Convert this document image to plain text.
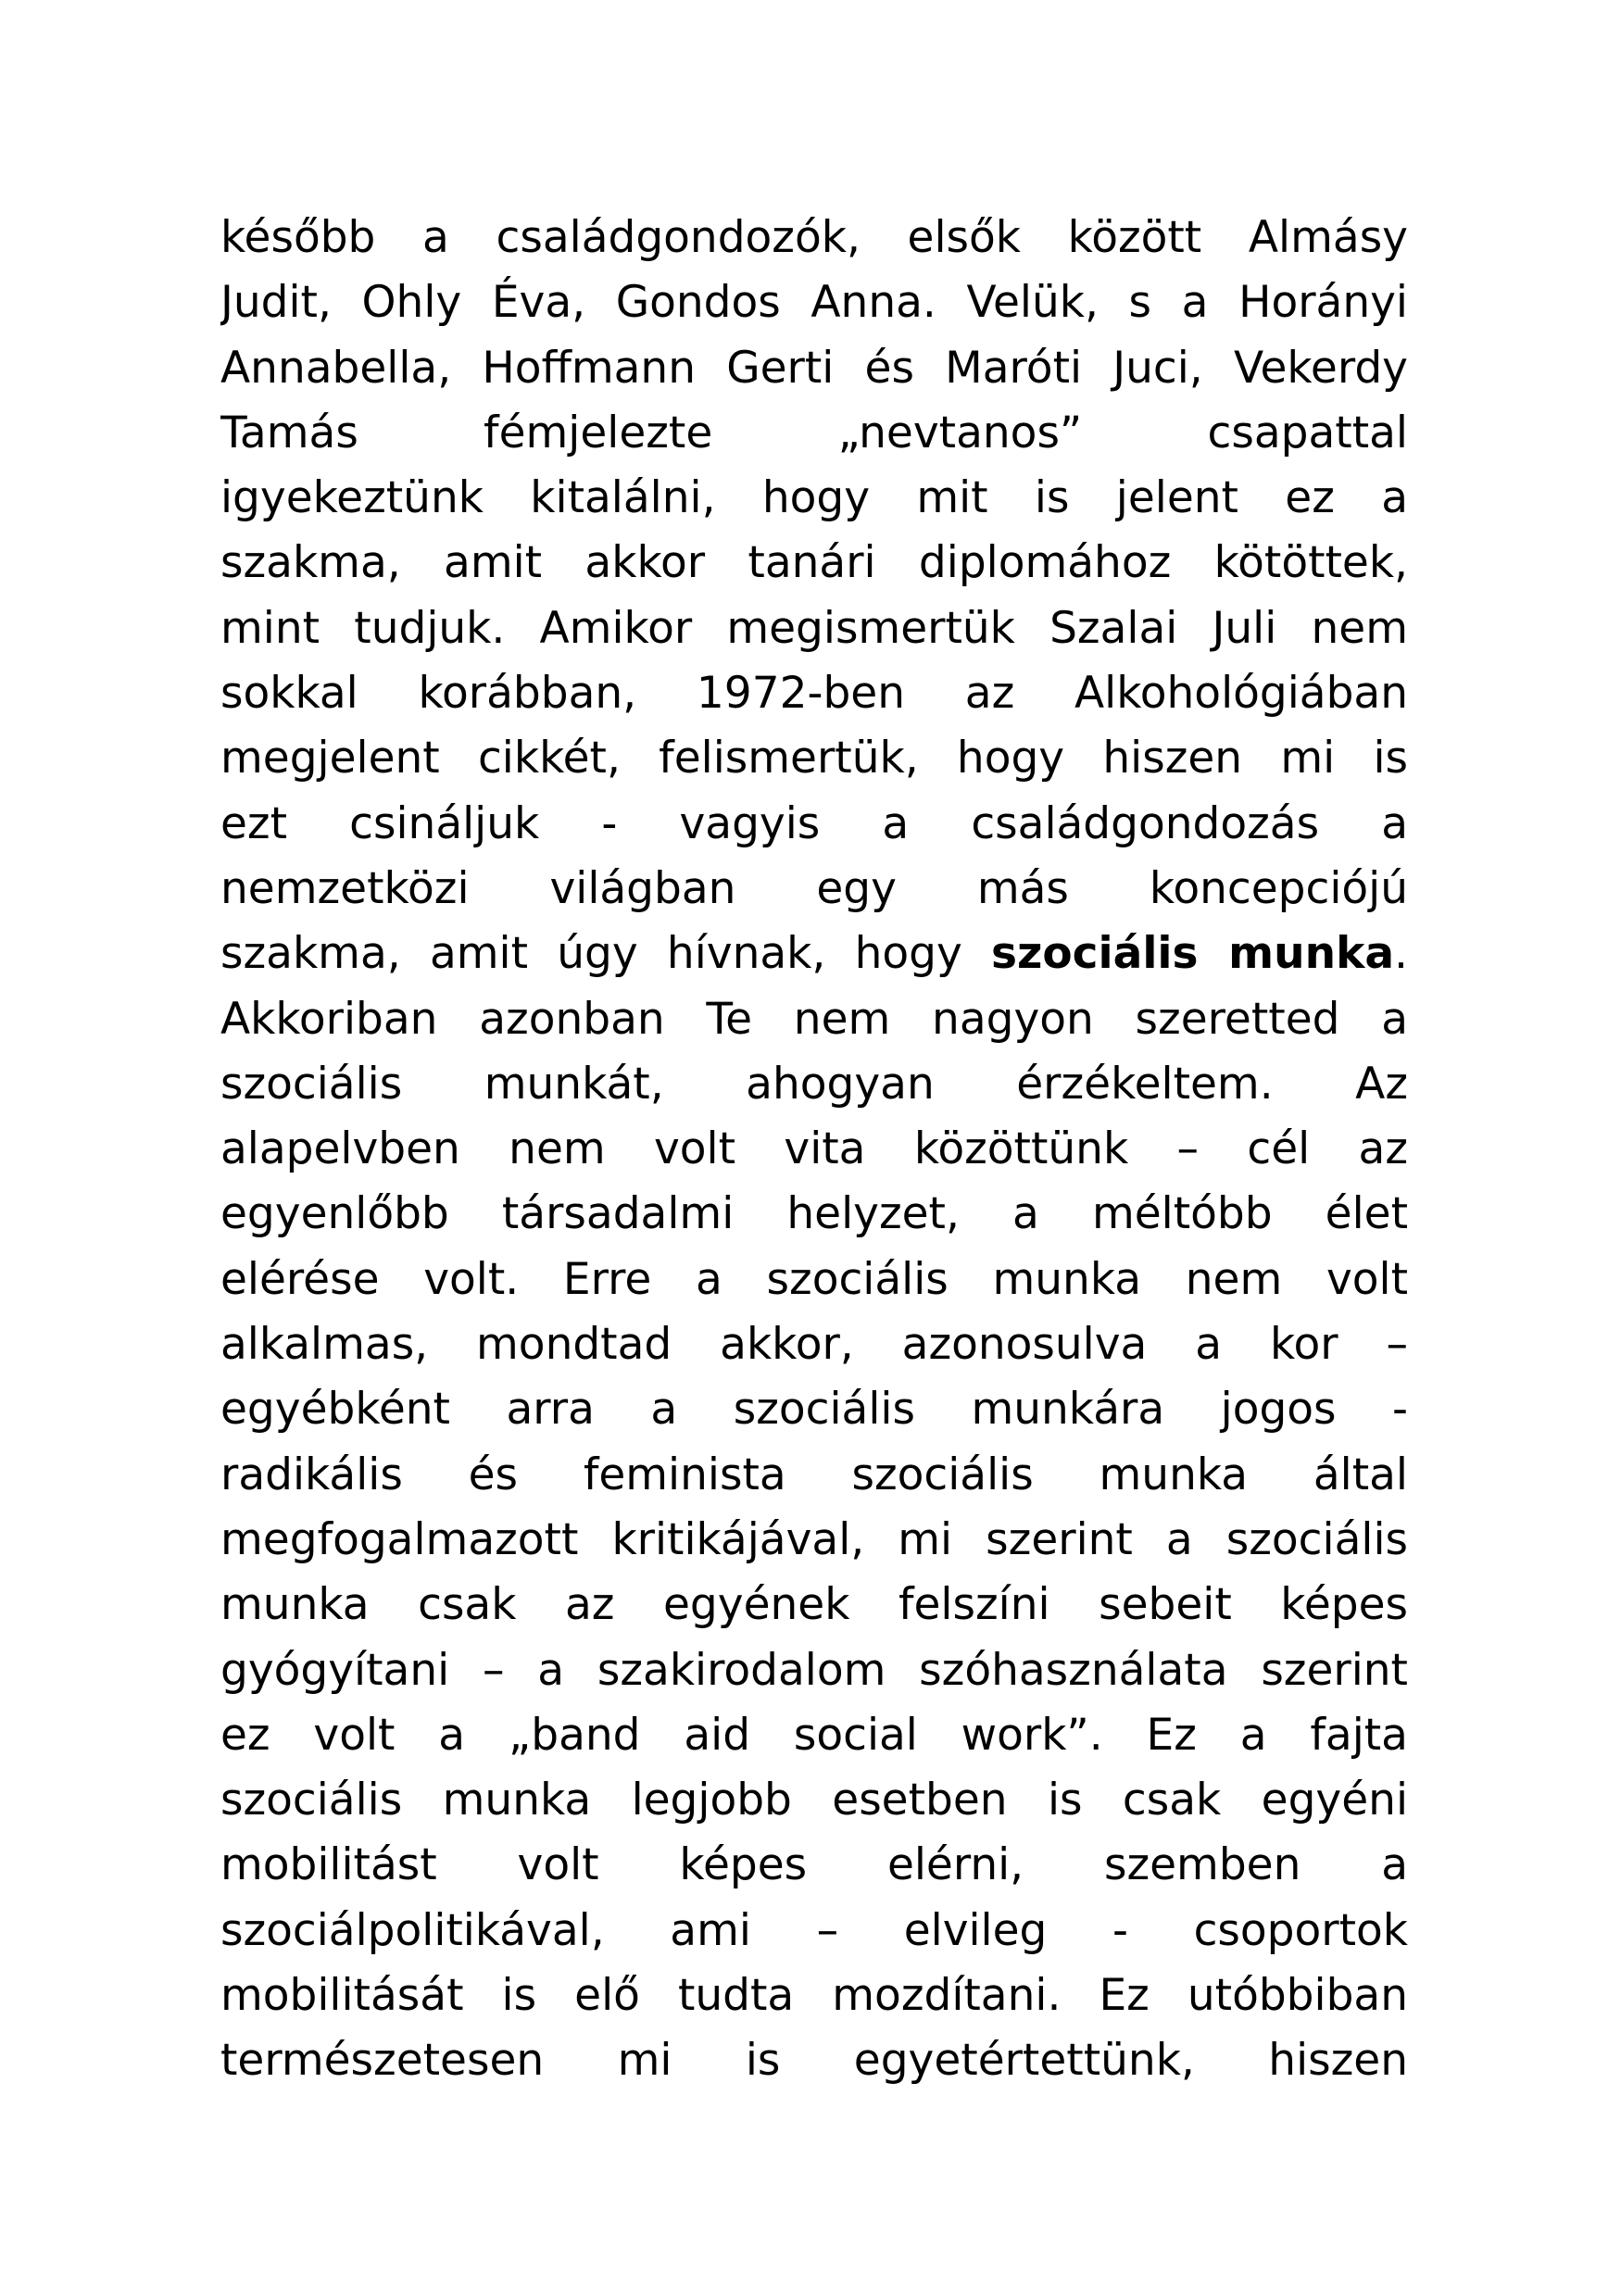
később a családgondozók, elsők között Almásy
Judit, Ohly Éva, Gondos Anna. Velük, s a Horányi
Annabella, Hoffmann Gerti és Maróti Juci, Vekerdy
Tamás fémjelezte „nevtanos” csapattal
igyekeztünk kitalálni, hogy mit is jelent ez a
szakma, amit akkor tanári diplomához kötöttek,
mint tudjuk. Amikor megismertük Szalai Juli nem
sokkal korábban, 1972-ben az Alkohológiában
megjelent cikkét, felismertük, hogy hiszen mi is
ezt csináljuk - vagyis a családgondozás a
nemzetközi világban egy más koncepciójú
szakma, amit úgy hívnak, hogy szociális munka.
Akkoriban azonban Te nem nagyon szeretted a
szociális munkát, ahogyan érzékeltem. Az
alapelvben nem volt vita közöttünk – cél az
egyenlőbb társadalmi helyzet, a méltóbb élet
elérése volt. Erre a szociális munka nem volt
alkalmas, mondtad akkor, azonosulva a kor –
egyébként arra a szociális munkára jogos -
radikális és feminista szociális munka által
megfogalmazott kritikájával, mi szerint a szociális
munka csak az egyének felszíni sebeit képes
gyógyítani – a szakirodalom szóhasználata szerint
ez volt a „band aid social work”. Ez a fajta
szociális munka legjobb esetben is csak egyéni
mobilitást volt képes elérni, szemben a
szociálpolitikával, ami – elvileg - csoportok
mobilitását is elő tudta mozdítani. Ez utóbbiban
természetesen mi is egyetértettünk, hiszen
